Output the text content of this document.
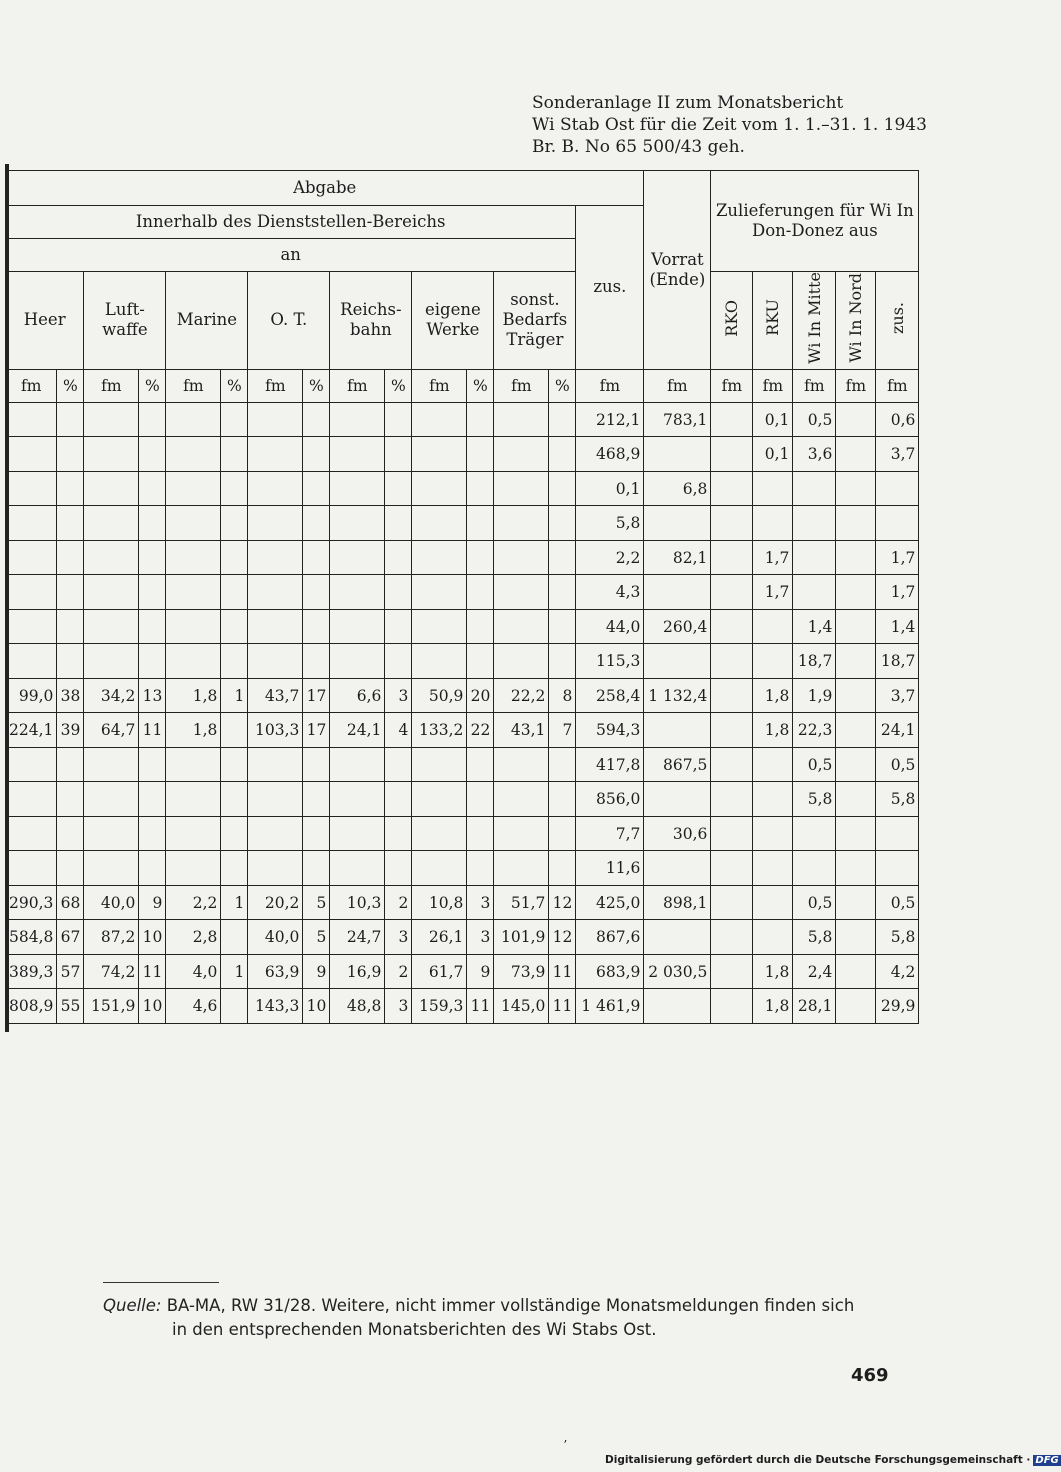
Sonderanlage II zum Monatsbericht
Wi Stab Ost für die Zeit vom 1. 1.–31. 1. 1943
Br. B. No 65 500/43 geh.
Abgabe															Vorrat (Ende)	Zulieferungen für Wi In Don-Donez aus				
Innerhalb des Dienststellen-Bereichs														zus.						
an																				
Heer		Luft- waffe		Marine		O. T.		Reichs- bahn		eigene Werke		sonst. Bedarfs Träger				RKO	RKU	Wi In Mitte	Wi In Nord	zus.
fm	%	fm	%	fm	%	fm	%	fm	%	fm	%	fm	%	fm	fm	fm	fm	fm	fm	fm
														212,1	783,1		0,1	0,5		0,6
														468,9			0,1	3,6		3,7
														0,1	6,8					
														5,8						
														2,2	82,1		1,7			1,7
														4,3			1,7			1,7
														44,0	260,4			1,4		1,4
														115,3				18,7		18,7
99,0	38	34,2	13	1,8	1	43,7	17	6,6	3	50,9	20	22,2	8	258,4	1 132,4		1,8	1,9		3,7
224,1	39	64,7	11	1,8		103,3	17	24,1	4	133,2	22	43,1	7	594,3			1,8	22,3		24,1
														417,8	867,5			0,5		0,5
														856,0				5,8		5,8
														7,7	30,6					
														11,6						
290,3	68	40,0	9	2,2	1	20,2	5	10,3	2	10,8	3	51,7	12	425,0	898,1			0,5		0,5
584,8	67	87,2	10	2,8		40,0	5	24,7	3	26,1	3	101,9	12	867,6				5,8		5,8
389,3	57	74,2	11	4,0	1	63,9	9	16,9	2	61,7	9	73,9	11	683,9	2 030,5		1,8	2,4		4,2
808,9	55	151,9	10	4,6		143,3	10	48,8	3	159,3	11	145,0	11	1 461,9			1,8	28,1		29,9
Quelle: BA-MA, RW 31/28. Weitere, nicht immer vollständige Monatsmeldungen finden sich
in den entsprechenden Monatsberichten des Wi Stabs Ost.
469
ʼ
Digitalisierung gefördert durch die Deutsche Forschungsgemeinschaft · DFG
